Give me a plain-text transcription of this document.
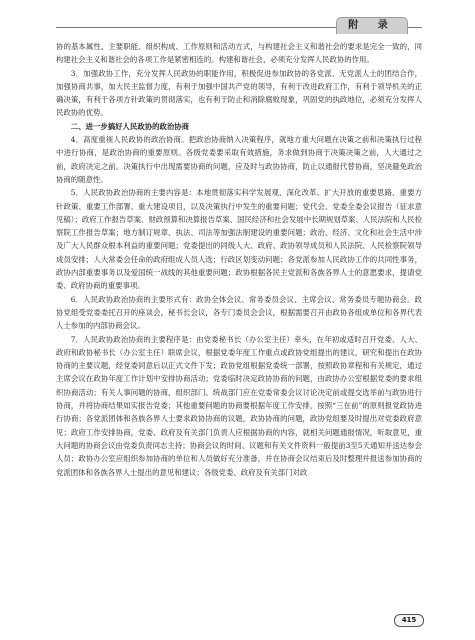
附 录

协的基本属性、主要职能、组织构成、工作原则和活动方式，与构建社会主义和谐社会的要求是完全一致的，同构建社会主义和谐社会的各项工作是紧密相连的。构建和谐社会，必须充分发挥人民政协的作用。

3．加强政协工作，充分发挥人民政协的职能作用，积极促进参加政协的各党派、无党派人士的团结合作，加强协商共事，加大民主监督力度，有利于加强中国共产党的领导，有利于改进政府工作，有利于领导机关的正确决策，有利于各项方针政策的贯彻落实，也有利于防止和消除腐败现象，巩固党的执政地位，必须充分发挥人民政协的优势。

二、进一步搞好人民政协的政治协商

4．高度重视人民政协的政治协商。把政治协商纳入决策程序，就地方重大问题在决策之前和决策执行过程中进行协商，是政治协商的重要原则。各级党委要采取有效措施，务求做到协商于决策决策之前，人大通过之前，政府决定之前。决策执行中出现需要协商的问题，应及时与政协协商，防止以通报代替协商，坚决避免政治协商的随意性。

5．人民政协政治协商的主要内容是：本地贯彻落实科学发展观、深化改革、扩大开放的重要思路、重要方针政策、重要工作部署、重大建设项目，以及决策执行中发生的重要问题；党代会、党委全委会议报告（征求意见稿）；政府工作报告草案、财政预算和决算报告草案、国民经济和社会发展中长期规划草案、人民法院和人民检察院工作报告草案；地方制订规章、执法、司法等加强法制建设的重要问题；政治、经济、文化和社会生活中涉及广大人民群众根本利益的重要问题；党委提出的同级人大、政府、政协领导成员和人民法院、人民检察院领导成员安排；人大常委会任命的政府组成人员人选；行政区划变动问题；各党派参加人民政协工作的共同性事务，政协内部重要事务以及爱国统一战线的其他重要问题；政协根据各民主党派和各族各界人士的意愿要求，提请党委、政府协商的重要事项。

6．人民政协政治协商的主要形式有：政协全体会议、常务委员会议、主席会议、常务委员专题协商会。政协党组受党委委托召开的座谈会，秘书长会议，各专门委员会会议，根据需要召开由政协各组成单位和各界代表人士参加的内部协商会议。

7．人民政协政治协商的主要程序是：由党委秘书长（办公室主任）牵头，在年初或适时召开党委、人大、政府和政协秘书长（办公室主任）联席会议，根据党委年度工作重点或政协党组提出的建议，研究和提出在政协协商的主要议题，经党委同意后以正式文件下发；政协党组根据党委统一部署，按照政协章程和有关规定，通过主席会议在政协年度工作计划中安排协商活动；党委临时决定政协协商的问题，由政协办公室根据党委的要求组织协商活动；有关人事问题的协商，组织部门、统战部门应在党委常委会议讨论决定前或提交选举前与政协进行协商，并将协商结果如实报告党委；其他重要问题的协商要根据年度工作安排，按照“三在前”的原则报党政协进行协商；各党派团体和各族各界人士要求政协协商的议题，政协协商的问题，政协党组要及时提出对党委政府意见；政府工作安排协商，党委、政府及有关部门负责人应根据协商的内容，就相关问题通报情况，听取意见，重大问题的协商会议由党委负责同志主持；协商会议的时间、议题和有关文件资料一般提前3至5天通知并送达参会人员；政协办公室应组织参加协商的单位和人员做好充分准备，并在协商会议结束后及时整理并报送参加协商的党派团体和各族各界人士提出的意见和建议；各级党委、政府及有关部门对政

415
